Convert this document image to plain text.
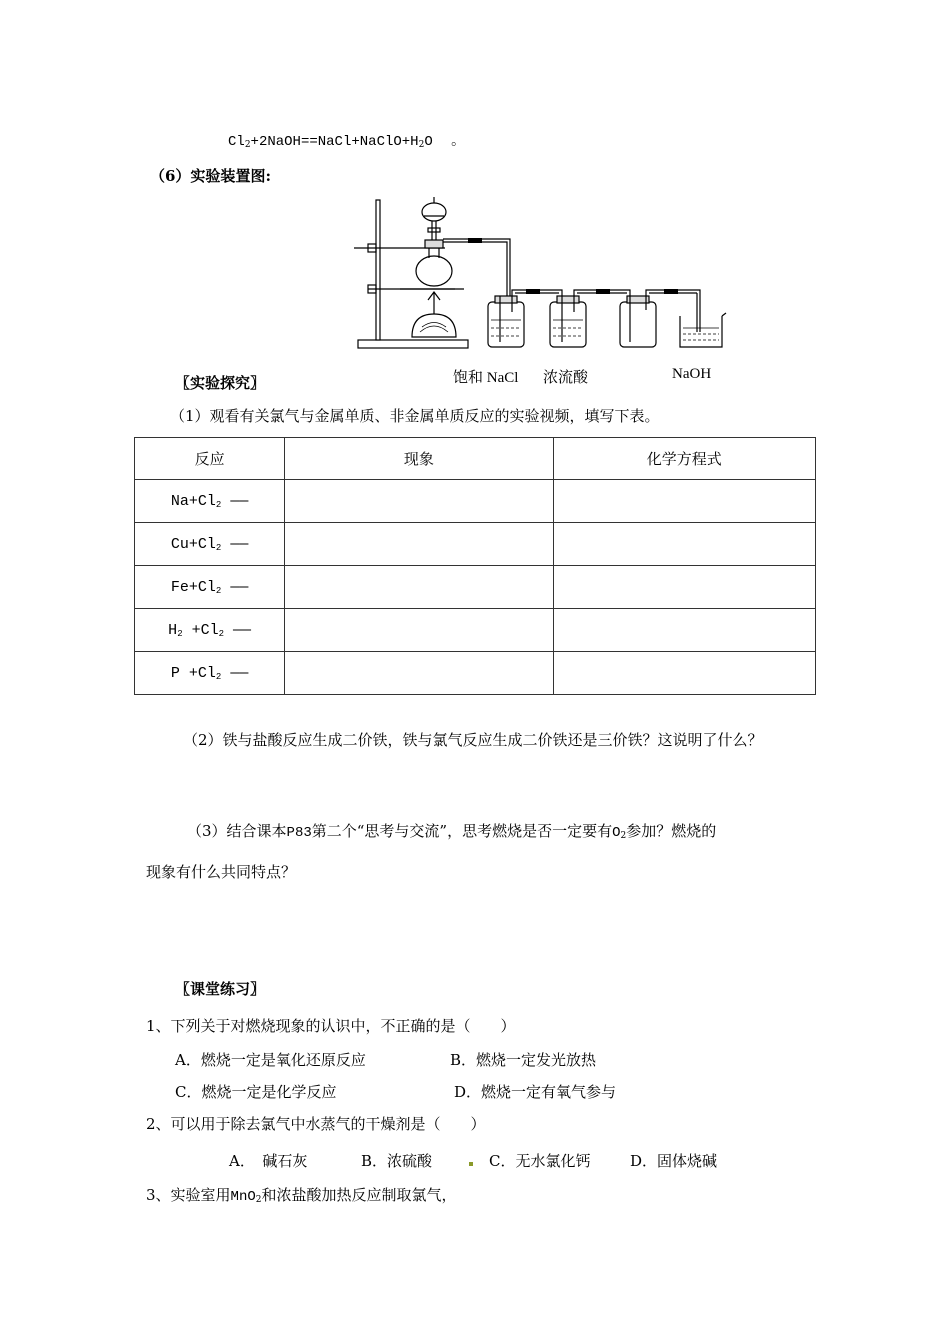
$Cl_2+2NaOH==NaCl+NaClO+H_2O$ 。
（6）实验装置图:
饱和 NaCl 浓流酸	NaOH
〖实验探究〗
（1）观看有关氯气与金属单质、非金属单质反应的实验视频，填写下表。
反应	现象	化学方程式
$Na+Cl_2$ ——		
$Cu+Cl_2$ ——		
$Fe+Cl_2$ ——		
$H_2 +Cl_2$ ——		
$P +Cl_2$ ——		
（2）铁与盐酸反应生成二价铁，铁与氯气反应生成二价铁还是三价铁？这说明了什么？
（3）结合课本P83第二个“思考与交流”，思考燃烧是否一定要有$O_2$参加？燃烧的
现象有什么共同特点？
〖课堂练习〗
1、下列关于对燃烧现象的认识中，不正确的是（　　）
A．燃烧一定是氧化还原反应	B．燃烧一定发光放热
C．燃烧一定是化学反应	D．燃烧一定有氧气参与
2、可以用于除去氯气中水蒸气的干燥剂是（　　）
A．　碱石灰	B．浓硫酸	C．无水氯化钙	D．固体烧碱
3、实验室用MnO$_2$和浓盐酸加热反应制取氯气，
